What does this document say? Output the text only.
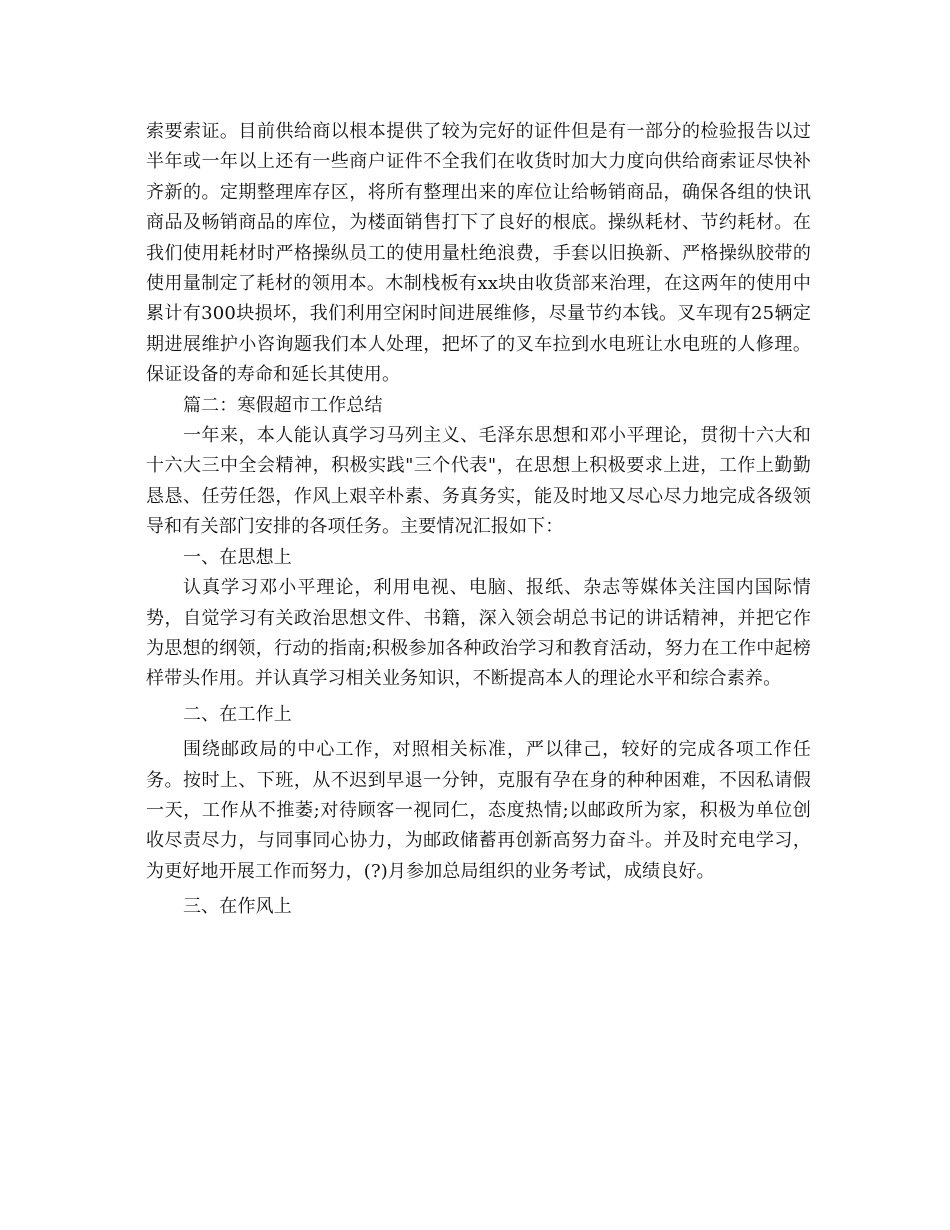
索要索证。目前供给商以根本提供了较为完好的证件但是有一部分的检验报告以过半年或一年以上还有一些商户证件不全我们在收货时加大力度向供给商索证尽快补齐新的。定期整理库存区，将所有整理出来的库位让给畅销商品，确保各组的快讯商品及畅销商品的库位，为楼面销售打下了良好的根底。操纵耗材、节约耗材。在我们使用耗材时严格操纵员工的使用量杜绝浪费，手套以旧换新、严格操纵胶带的使用量制定了耗材的领用本。木制栈板有xx块由收货部来治理，在这两年的使用中累计有300块损坏，我们利用空闲时间进展维修，尽量节约本钱。叉车现有25辆定期进展维护小咨询题我们本人处理，把坏了的叉车拉到水电班让水电班的人修理。保证设备的寿命和延长其使用。

篇二：寒假超市工作总结

一年来，本人能认真学习马列主义、毛泽东思想和邓小平理论，贯彻十六大和十六大三中全会精神，积极实践"三个代表"，在思想上积极要求上进，工作上勤勤恳恳、任劳任怨，作风上艰辛朴素、务真务实，能及时地又尽心尽力地完成各级领导和有关部门安排的各项任务。主要情况汇报如下：

一、在思想上

认真学习邓小平理论，利用电视、电脑、报纸、杂志等媒体关注国内国际情势，自觉学习有关政治思想文件、书籍，深入领会胡总书记的讲话精神，并把它作为思想的纲领，行动的指南;积极参加各种政治学习和教育活动，努力在工作中起榜样带头作用。并认真学习相关业务知识，不断提高本人的理论水平和综合素养。

二、在工作上

围绕邮政局的中心工作，对照相关标准，严以律己，较好的完成各项工作任务。按时上、下班，从不迟到早退一分钟，克服有孕在身的种种困难，不因私请假一天，工作从不推萎;对待顾客一视同仁，态度热情;以邮政所为家，积极为单位创收尽责尽力，与同事同心协力，为邮政储蓄再创新高努力奋斗。并及时充电学习，为更好地开展工作而努力，(?)月参加总局组织的业务考试，成绩良好。

三、在作风上
